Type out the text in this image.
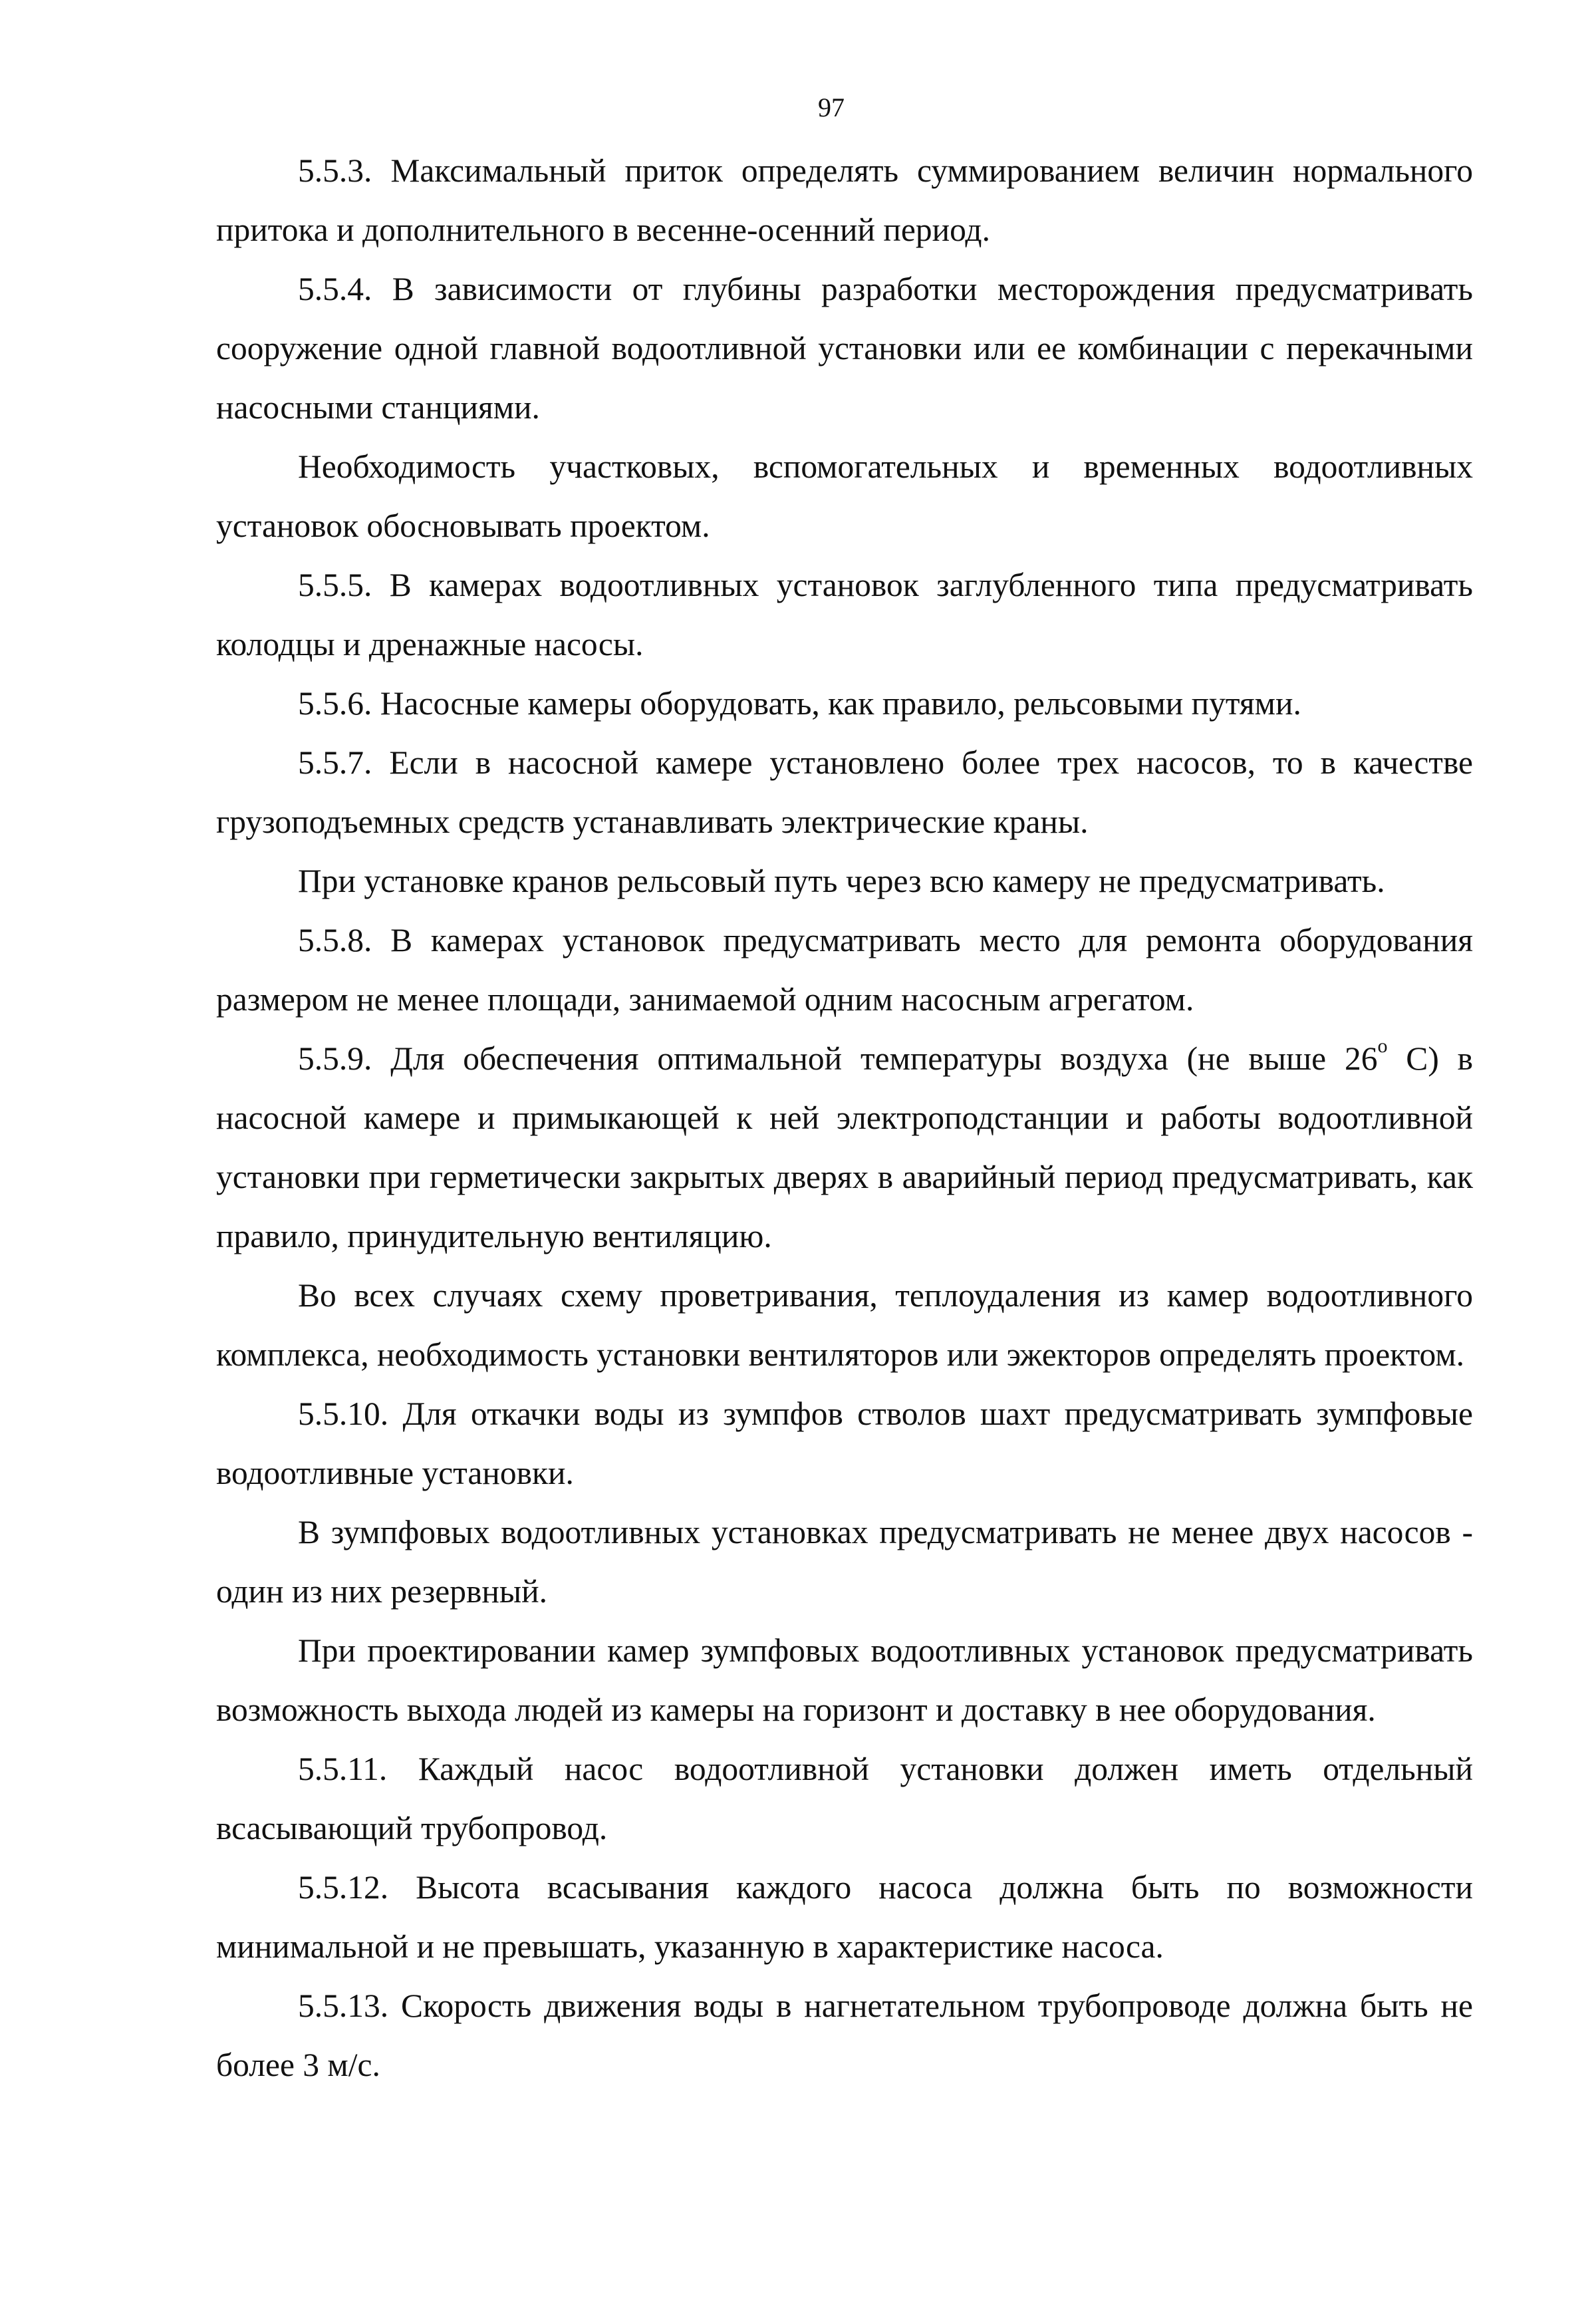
97

5.5.3. Максимальный приток определять суммированием величин нормального притока и дополнительного в весенне-осенний период.

5.5.4. В зависимости от глубины разработки месторождения предусматривать сооружение одной главной водоотливной установки или ее комбинации с перекачными насосными станциями.

Необходимость участковых, вспомогательных и временных водоотливных установок обосновывать проектом.

5.5.5. В камерах водоотливных установок заглубленного типа предусматривать колодцы и дренажные насосы.

5.5.6. Насосные камеры оборудовать, как правило, рельсовыми путями.

5.5.7. Если в насосной камере установлено более трех насосов, то в качестве грузоподъемных средств устанавливать электрические краны.

При установке кранов рельсовый путь через всю камеру не предусматривать.

5.5.8. В камерах установок предусматривать место для ремонта оборудования размером не менее площади, занимаемой одним насосным агрегатом.

5.5.9. Для обеспечения оптимальной температуры воздуха (не выше 26$^o$ С) в насосной камере и примыкающей к ней электроподстанции и работы водоотливной установки при герметически закрытых дверях в аварийный период предусматривать, как правило, принудительную вентиляцию.

Во всех случаях схему проветривания, теплоудаления из камер водоотливного комплекса, необходимость установки вентиляторов или эжекторов определять проектом.

5.5.10. Для откачки воды из зумпфов стволов шахт предусматривать зумпфовые водоотливные установки.

В зумпфовых водоотливных установках предусматривать не менее двух насосов - один из них резервный.

При проектировании камер зумпфовых водоотливных установок предусматривать возможность выхода людей из камеры на горизонт и доставку в нее оборудования.

5.5.11. Каждый насос водоотливной установки должен иметь отдельный всасывающий трубопровод.

5.5.12. Высота всасывания каждого насоса должна быть по возможности минимальной и не превышать, указанную в характеристике насоса.

5.5.13. Скорость движения воды в нагнетательном трубопроводе должна быть не более 3 м/с.
